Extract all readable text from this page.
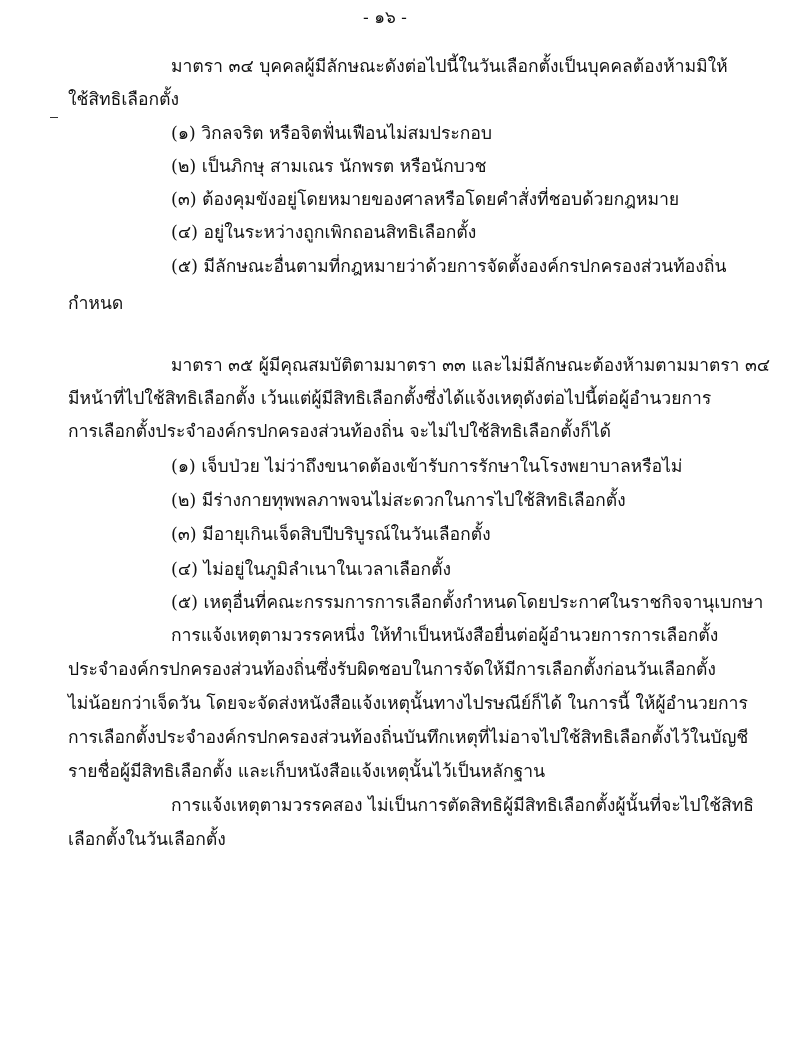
- ๑๖ -
มาตรา ๓๔ บุคคลผู้มีลักษณะดังต่อไปนี้ในวันเลือกตั้งเป็นบุคคลต้องห้ามมิให้
ใช้สิทธิเลือกตั้ง
(๑) วิกลจริต หรือจิตฟั่นเฟือนไม่สมประกอบ
(๒) เป็นภิกษุ สามเณร นักพรต หรือนักบวช
(๓) ต้องคุมขังอยู่โดยหมายของศาลหรือโดยคำสั่งที่ชอบด้วยกฎหมาย
(๔) อยู่ในระหว่างถูกเพิกถอนสิทธิเลือกตั้ง
(๕) มีลักษณะอื่นตามที่กฎหมายว่าด้วยการจัดตั้งองค์กรปกครองส่วนท้องถิ่น
กำหนด
มาตรา ๓๕ ผู้มีคุณสมบัติตามมาตรา ๓๓ และไม่มีลักษณะต้องห้ามตามมาตรา ๓๔
มีหน้าที่ไปใช้สิทธิเลือกตั้ง เว้นแต่ผู้มีสิทธิเลือกตั้งซึ่งได้แจ้งเหตุดังต่อไปนี้ต่อผู้อำนวยการ
การเลือกตั้งประจำองค์กรปกครองส่วนท้องถิ่น จะไม่ไปใช้สิทธิเลือกตั้งก็ได้
(๑) เจ็บป่วย ไม่ว่าถึงขนาดต้องเข้ารับการรักษาในโรงพยาบาลหรือไม่
(๒) มีร่างกายทุพพลภาพจนไม่สะดวกในการไปใช้สิทธิเลือกตั้ง
(๓) มีอายุเกินเจ็ดสิบปีบริบูรณ์ในวันเลือกตั้ง
(๔) ไม่อยู่ในภูมิลำเนาในเวลาเลือกตั้ง
(๕) เหตุอื่นที่คณะกรรมการการเลือกตั้งกำหนดโดยประกาศในราชกิจจานุเบกษา
การแจ้งเหตุตามวรรคหนึ่ง ให้ทำเป็นหนังสือยื่นต่อผู้อำนวยการการเลือกตั้ง
ประจำองค์กรปกครองส่วนท้องถิ่นซึ่งรับผิดชอบในการจัดให้มีการเลือกตั้งก่อนวันเลือกตั้ง
ไม่น้อยกว่าเจ็ดวัน โดยจะจัดส่งหนังสือแจ้งเหตุนั้นทางไปรษณีย์ก็ได้ ในการนี้ ให้ผู้อำนวยการ
การเลือกตั้งประจำองค์กรปกครองส่วนท้องถิ่นบันทึกเหตุที่ไม่อาจไปใช้สิทธิเลือกตั้งไว้ในบัญชี
รายชื่อผู้มีสิทธิเลือกตั้ง และเก็บหนังสือแจ้งเหตุนั้นไว้เป็นหลักฐาน
การแจ้งเหตุตามวรรคสอง ไม่เป็นการตัดสิทธิผู้มีสิทธิเลือกตั้งผู้นั้นที่จะไปใช้สิทธิ
เลือกตั้งในวันเลือกตั้ง
